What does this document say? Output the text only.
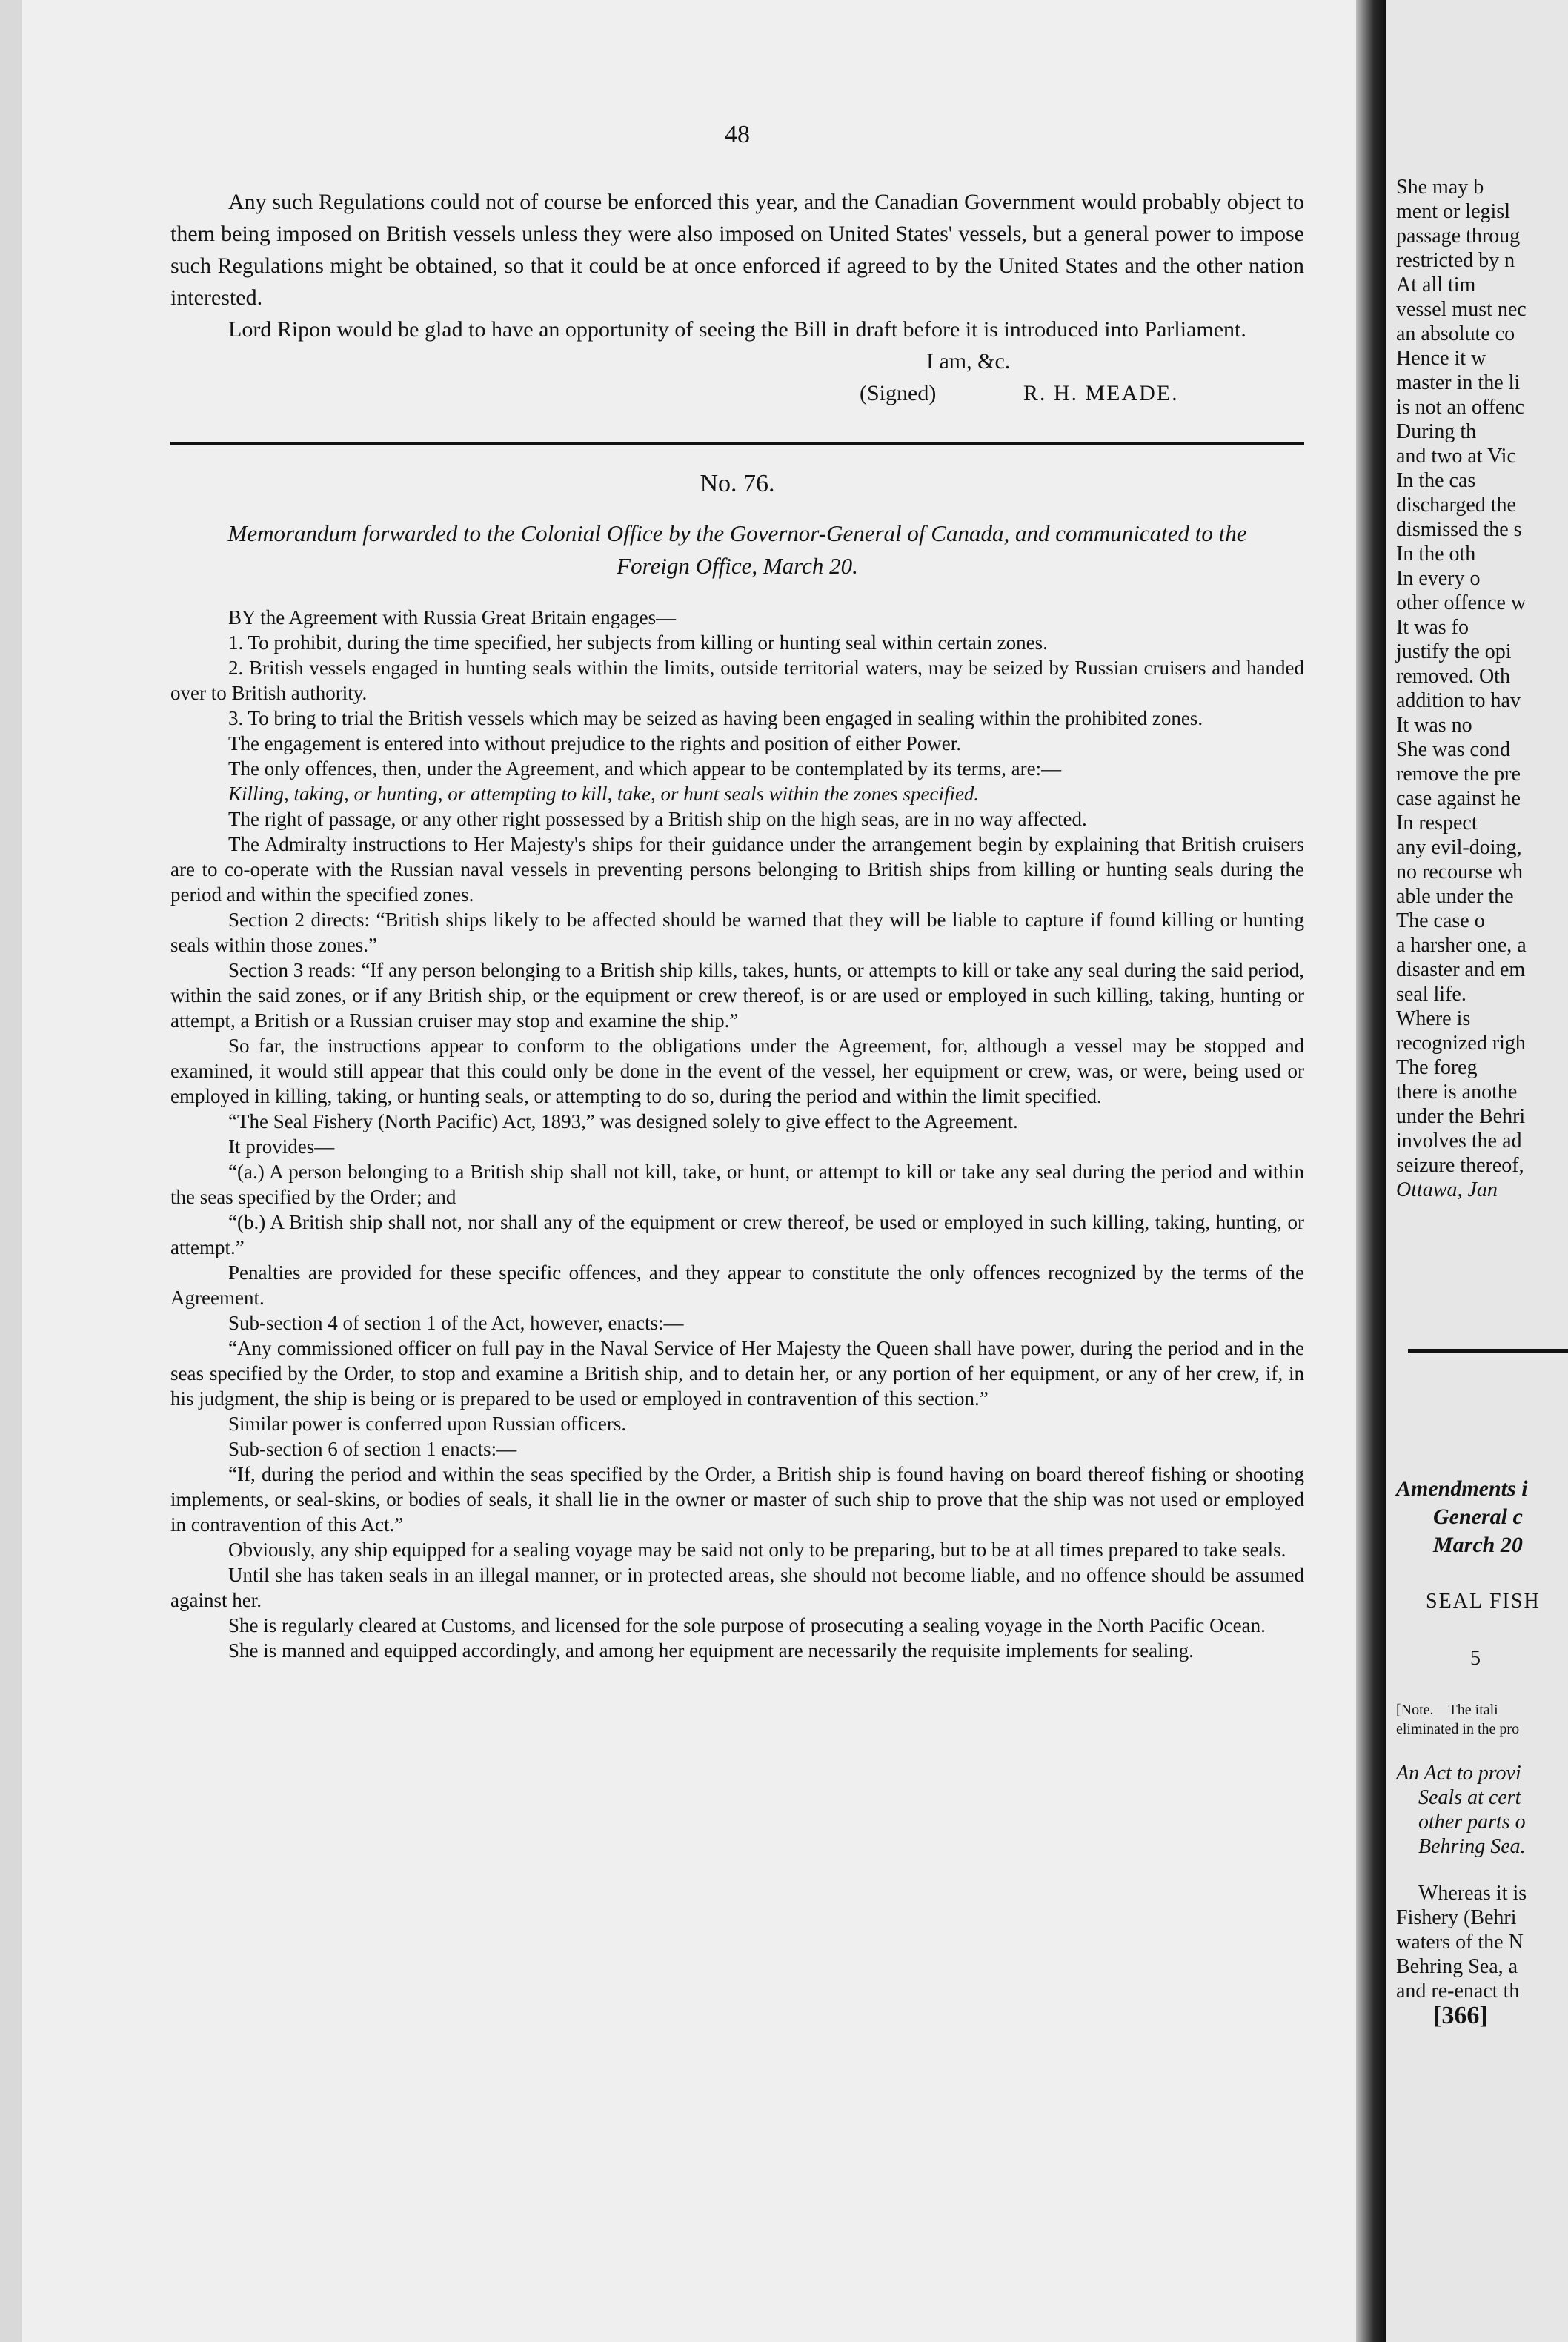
48

Any such Regulations could not of course be enforced this year, and the Canadian Government would probably object to them being imposed on British vessels unless they were also imposed on United States' vessels, but a general power to impose such Regulations might be obtained, so that it could be at once enforced if agreed to by the United States and the other nation interested.

Lord Ripon would be glad to have an opportunity of seeing the Bill in draft before it is introduced into Parliament.

I am, &c.
(Signed)	R. H. MEADE.
No. 76.
Memorandum forwarded to the Colonial Office by the Governor-General of Canada, and communicated to the Foreign Office, March 20.

BY the Agreement with Russia Great Britain engages—

1. To prohibit, during the time specified, her subjects from killing or hunting seal within certain zones.

2. British vessels engaged in hunting seals within the limits, outside territorial waters, may be seized by Russian cruisers and handed over to British authority.

3. To bring to trial the British vessels which may be seized as having been engaged in sealing within the prohibited zones.

The engagement is entered into without prejudice to the rights and position of either Power.

The only offences, then, under the Agreement, and which appear to be contemplated by its terms, are:—

Killing, taking, or hunting, or attempting to kill, take, or hunt seals within the zones specified.

The right of passage, or any other right possessed by a British ship on the high seas, are in no way affected.

The Admiralty instructions to Her Majesty's ships for their guidance under the arrangement begin by explaining that British cruisers are to co-operate with the Russian naval vessels in preventing persons belonging to British ships from killing or hunting seals during the period and within the specified zones.

Section 2 directs: “British ships likely to be affected should be warned that they will be liable to capture if found killing or hunting seals within those zones.”

Section 3 reads: “If any person belonging to a British ship kills, takes, hunts, or attempts to kill or take any seal during the said period, within the said zones, or if any British ship, or the equipment or crew thereof, is or are used or employed in such killing, taking, hunting or attempt, a British or a Russian cruiser may stop and examine the ship.”

So far, the instructions appear to conform to the obligations under the Agreement, for, although a vessel may be stopped and examined, it would still appear that this could only be done in the event of the vessel, her equipment or crew, was, or were, being used or employed in killing, taking, or hunting seals, or attempting to do so, during the period and within the limit specified.

“The Seal Fishery (North Pacific) Act, 1893,” was designed solely to give effect to the Agreement.

It provides—

“(a.) A person belonging to a British ship shall not kill, take, or hunt, or attempt to kill or take any seal during the period and within the seas specified by the Order; and

“(b.) A British ship shall not, nor shall any of the equipment or crew thereof, be used or employed in such killing, taking, hunting, or attempt.”

Penalties are provided for these specific offences, and they appear to constitute the only offences recognized by the terms of the Agreement.

Sub-section 4 of section 1 of the Act, however, enacts:—

“Any commissioned officer on full pay in the Naval Service of Her Majesty the Queen shall have power, during the period and in the seas specified by the Order, to stop and examine a British ship, and to detain her, or any portion of her equipment, or any of her crew, if, in his judgment, the ship is being or is prepared to be used or employed in contravention of this section.”

Similar power is conferred upon Russian officers.

Sub-section 6 of section 1 enacts:—

“If, during the period and within the seas specified by the Order, a British ship is found having on board thereof fishing or shooting implements, or seal-skins, or bodies of seals, it shall lie in the owner or master of such ship to prove that the ship was not used or employed in contravention of this Act.”

Obviously, any ship equipped for a sealing voyage may be said not only to be preparing, but to be at all times prepared to take seals.

Until she has taken seals in an illegal manner, or in protected areas, she should not become liable, and no offence should be assumed against her.

She is regularly cleared at Customs, and licensed for the sole purpose of prosecuting a sealing voyage in the North Pacific Ocean.

She is manned and equipped accordingly, and among her equipment are necessarily the requisite implements for sealing.

She may b
ment or legisl
passage throug
restricted by n
At all tim
vessel must nec
an absolute co
Hence it w
master in the li
is not an offenc
During th
and two at Vic
In the cas
discharged the
dismissed the s
In the oth
In every o
other offence w
It was fo
justify the opi
removed. Oth
addition to hav
It was no
She was cond
remove the pre
case against he
In respect
any evil-doing,
no recourse wh
able under the
The case o
a harsher one, a
disaster and em
seal life.
Where is
recognized righ
The foreg
there is anothe
under the Behri
involves the ad
seizure thereof,
Ottawa, Jan
Amendments i
General c
March 20
SEAL FISH
5
[Note.—The itali
eliminated in the pro
An Act to provi
Seals at cert
other parts o
Behring Sea.
Whereas it is
Fishery (Behri
waters of the N
Behring Sea, a
and re-enact th
[366]
